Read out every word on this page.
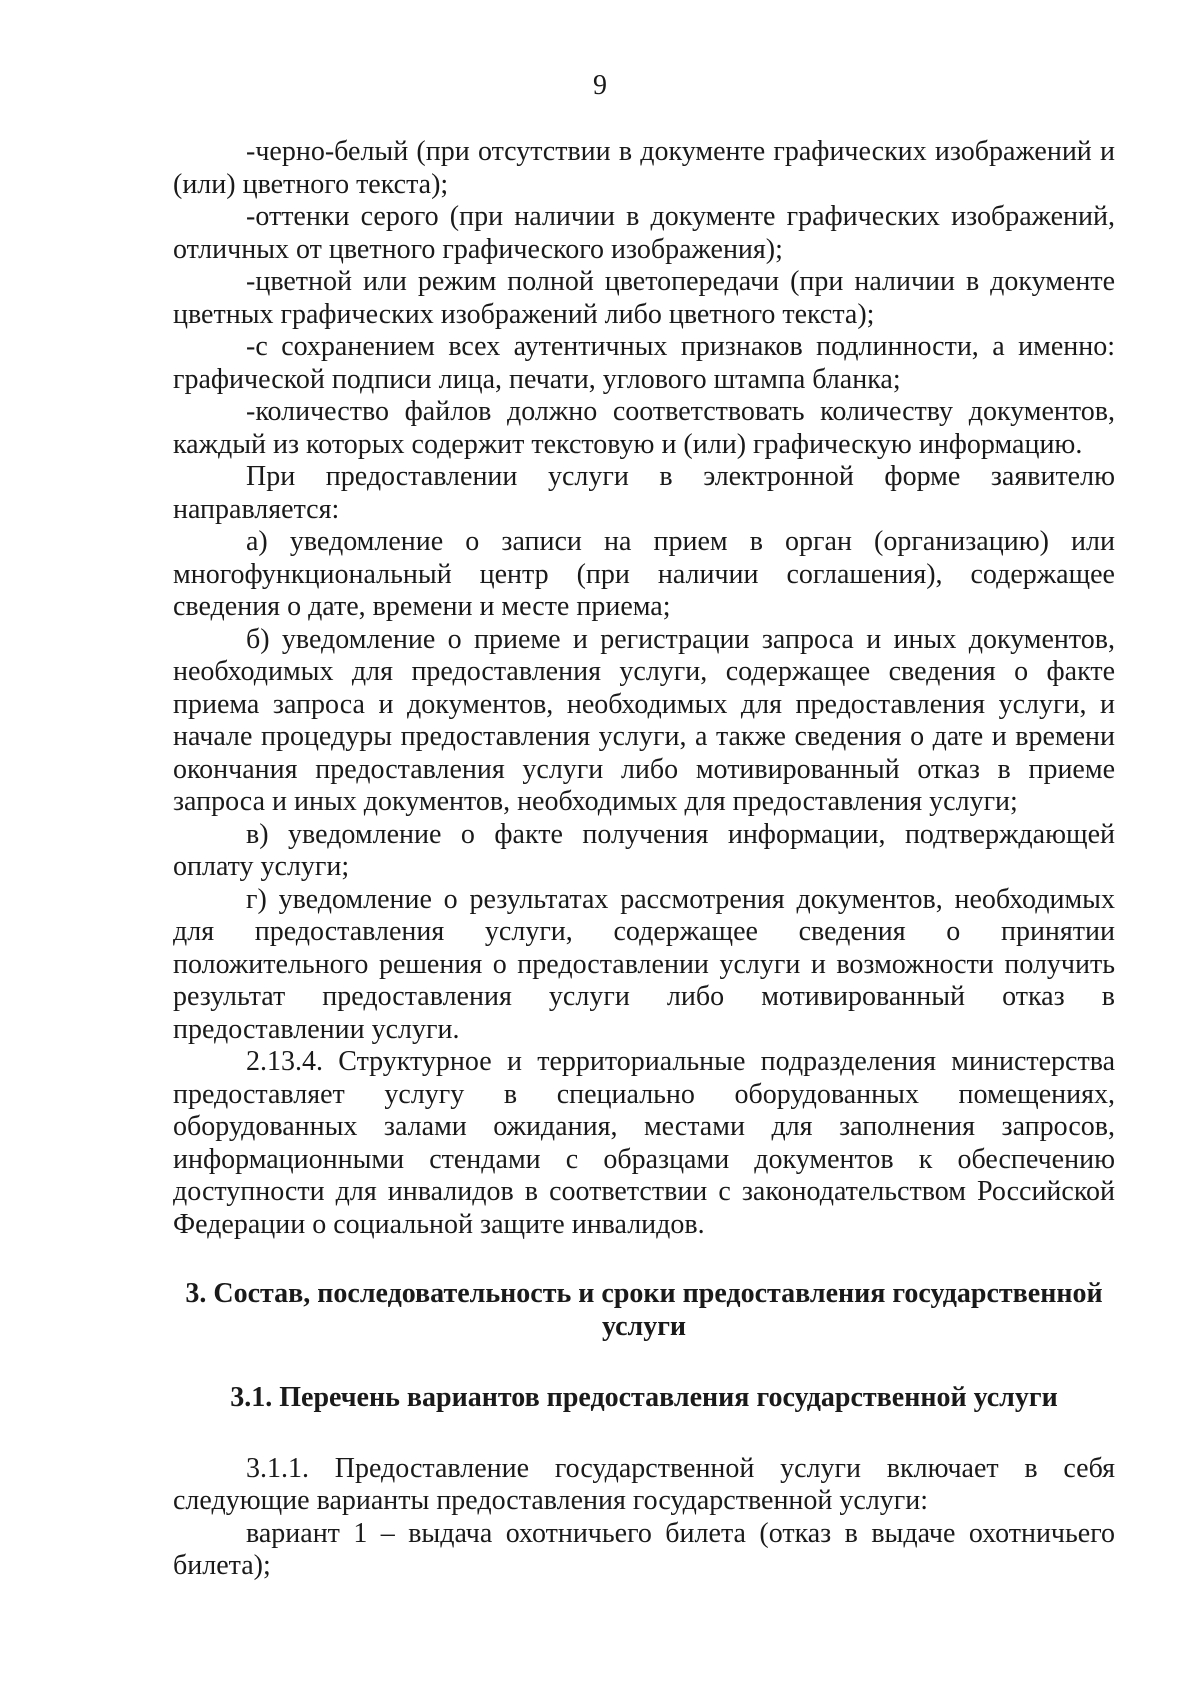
9

-черно-белый (при отсутствии в документе графических изображений и (или) цветного текста);

-оттенки серого (при наличии в документе графических изображений, отличных от цветного графического изображения);

-цветной или режим полной цветопередачи (при наличии в документе цветных графических изображений либо цветного текста);

-с сохранением всех аутентичных признаков подлинности, а именно: графической подписи лица, печати, углового штампа бланка;

-количество файлов должно соответствовать количеству документов, каждый из которых содержит текстовую и (или) графическую информацию.

При предоставлении услуги в электронной форме заявителю направляется:

а) уведомление о записи на прием в орган (организацию) или многофункциональный центр (при наличии соглашения), содержащее сведения о дате, времени и месте приема;

б) уведомление о приеме и регистрации запроса и иных документов, необходимых для предоставления услуги, содержащее сведения о факте приема запроса и документов, необходимых для предоставления услуги, и начале процедуры предоставления услуги, а также сведения о дате и времени окончания предоставления услуги либо мотивированный отказ в приеме запроса и иных документов, необходимых для предоставления услуги;

в) уведомление о факте получения информации, подтверждающей оплату услуги;

г) уведомление о результатах рассмотрения документов, необходимых для предоставления услуги, содержащее сведения о принятии положительного решения о предоставлении услуги и возможности получить результат предоставления услуги либо мотивированный отказ в предоставлении услуги.

2.13.4. Структурное и территориальные подразделения министерства предоставляет услугу в специально оборудованных помещениях, оборудованных залами ожидания, местами для заполнения запросов, информационными стендами с образцами документов к обеспечению доступности для инвалидов в соответствии с законодательством Российской Федерации о социальной защите инвалидов.

3. Состав, последовательность и сроки предоставления государственной услуги
3.1. Перечень вариантов предоставления государственной услуги

3.1.1. Предоставление государственной услуги включает в себя следующие варианты предоставления государственной услуги:

вариант 1 – выдача охотничьего билета (отказ в выдаче охотничьего билета);
